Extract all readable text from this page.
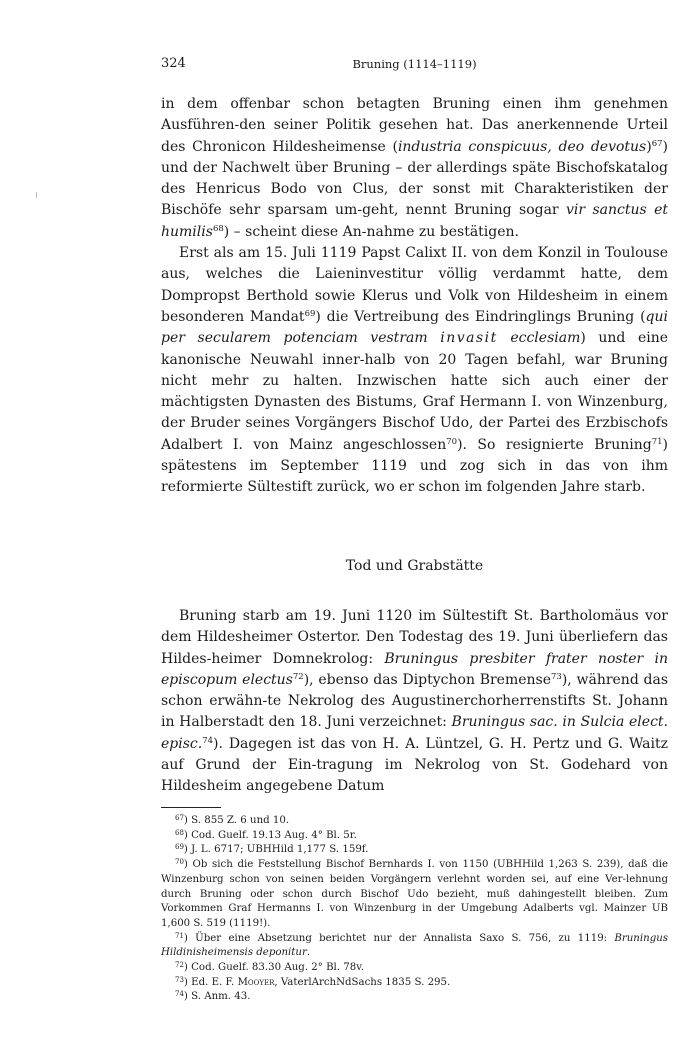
324	Bruning (1114–1119)

in dem offenbar schon betagten Bruning einen ihm genehmen Ausführen-den seiner Politik gesehen hat. Das anerkennende Urteil des Chronicon Hildesheimense (industria conspicuus, deo devotus)$^{67}$) und der Nachwelt über Bruning – der allerdings späte Bischofskatalog des Henricus Bodo von Clus, der sonst mit Charakteristiken der Bischöfe sehr sparsam um-geht, nennt Bruning sogar vir sanctus et humilis$^{68}$) – scheint diese An-nahme zu bestätigen.

Erst als am 15. Juli 1119 Papst Calixt II. von dem Konzil in Toulouse aus, welches die Laieninvestitur völlig verdammt hatte, dem Dompropst Berthold sowie Klerus und Volk von Hildesheim in einem besonderen Mandat$^{69}$) die Vertreibung des Eindringlings Bruning (qui per secularem potenciam vestram invasit ecclesiam) und eine kanonische Neuwahl inner-halb von 20 Tagen befahl, war Bruning nicht mehr zu halten. Inzwischen hatte sich auch einer der mächtigsten Dynasten des Bistums, Graf Hermann I. von Winzenburg, der Bruder seines Vorgängers Bischof Udo, der Partei des Erzbischofs Adalbert I. von Mainz angeschlossen$^{70}$). So resignierte Bruning$^{71}$) spätestens im September 1119 und zog sich in das von ihm reformierte Sültestift zurück, wo er schon im folgenden Jahre starb.

Tod und Grabstätte

Bruning starb am 19. Juni 1120 im Sültestift St. Bartholomäus vor dem Hildesheimer Ostertor. Den Todestag des 19. Juni überliefern das Hildes-heimer Domnekrolog: Bruningus presbiter frater noster in episcopum electus$^{72}$), ebenso das Diptychon Bremense$^{73}$), während das schon erwähn-te Nekrolog des Augustinerchorherrenstifts St. Johann in Halberstadt den 18. Juni verzeichnet: Bruningus sac. in Sulcia elect. episc.$^{74}$). Dagegen ist das von H. A. Lüntzel, G. H. Pertz und G. Waitz auf Grund der Ein-tragung im Nekrolog von St. Godehard von Hildesheim angegebene Datum

$^{67}$) S. 855 Z. 6 und 10.

$^{68}$) Cod. Guelf. 19.13 Aug. 4° Bl. 5r.

$^{69}$) J. L. 6717; UBHHild 1,177 S. 159f.

$^{70}$) Ob sich die Feststellung Bischof Bernhards I. von 1150 (UBHHild 1,263 S. 239), daß die Winzenburg schon von seinen beiden Vorgängern verlehnt worden sei, auf eine Ver-lehnung durch Bruning oder schon durch Bischof Udo bezieht, muß dahingestellt bleiben. Zum Vorkommen Graf Hermanns I. von Winzenburg in der Umgebung Adalberts vgl. Mainzer UB 1,600 S. 519 (1119!).

$^{71}$) Über eine Absetzung berichtet nur der Annalista Saxo S. 756, zu 1119: Bruningus Hildinisheimensis deponitur.

$^{72}$) Cod. Guelf. 83.30 Aug. 2° Bl. 78v.

$^{73}$) Ed. E. F. Mooyer, VaterlArchNdSachs 1835 S. 295.

$^{74}$) S. Anm. 43.
